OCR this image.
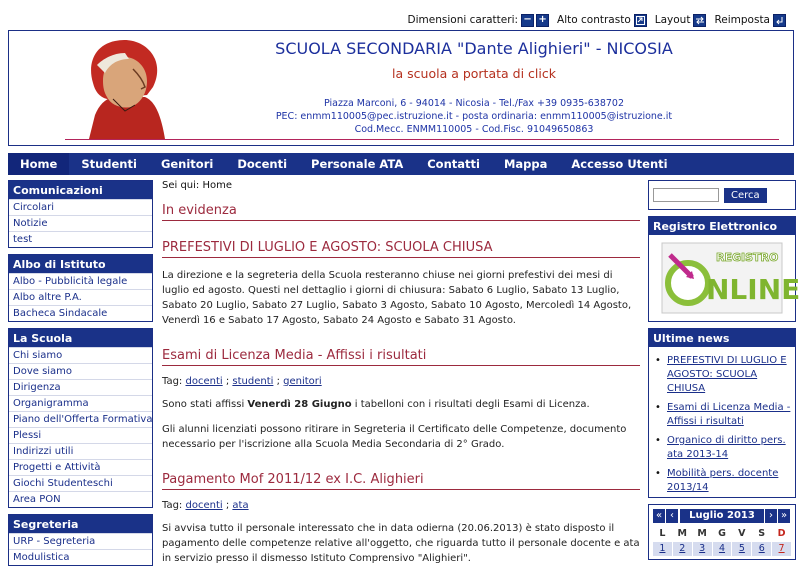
Dimensioni caratteri: − + Alto contrasto Layout Reimposta
SCUOLA SECONDARIA "Dante Alighieri" - NICOSIA
la scuola a portata di click
Piazza Marconi, 6 - 94014 - Nicosia - Tel./Fax +39 0935-638702
PEC: enmm110005@pec.istruzione.it - posta ordinaria: enmm110005@istruzione.it
Cod.Mecc. ENMM110005 - Cod.Fisc. 91049650863
Home	Studenti	Genitori	Docenti	Personale ATA	Contatti	Mappa	Accesso Utenti
Comunicazioni
Circolari
Notizie
test
Albo di Istituto
Albo - Pubblicità legale
Albo altre P.A.
Bacheca Sindacale
La Scuola
Chi siamo
Dove siamo
Dirigenza
Organigramma
Piano dell'Offerta Formativa
Plessi
Indirizzi utili
Progetti e Attività
Giochi Studenteschi
Area PON
Segreteria
URP - Segreteria
Modulistica
Sei qui: Home
In evidenza
PREFESTIVI DI LUGLIO E AGOSTO: SCUOLA CHIUSA
La direzione e la segreteria della Scuola resteranno chiuse nei giorni prefestivi dei mesi di luglio ed agosto. Questi nel dettaglio i giorni di chiusura: Sabato 6 Luglio, Sabato 13 Luglio, Sabato 20 Luglio, Sabato 27 Luglio, Sabato 3 Agosto, Sabato 10 Agosto, Mercoledì 14 Agosto, Venerdì 16 e Sabato 17 Agosto, Sabato 24 Agosto e Sabato 31 Agosto.
Esami di Licenza Media - Affissi i risultati
Tag: docenti ; studenti ; genitori
Sono stati affissi Venerdì 28 Giugno i tabelloni con i risultati degli Esami di Licenza.
Gli alunni licenziati possono ritirare in Segreteria il Certificato delle Competenze, documento necessario per l'iscrizione alla Scuola Media Secondaria di 2° Grado.
Pagamento Mof 2011/12 ex I.C. Alighieri
Tag: docenti ; ata
Si avvisa tutto il personale interessato che in data odierna (20.06.2013) è stato disposto il pagamento delle competenze relative all'oggetto, che riguarda tutto il personale docente e ata in servizio presso il dismesso Istituto Comprensivo "Alighieri".
Cerca
Registro Elettronico
REGISTRO
NLINE
Ultime news
• PREFESTIVI DI LUGLIO E AGOSTO: SCUOLA CHIUSA
• Esami di Licenza Media - Affissi i risultati
• Organico di diritto pers. ata 2013-14
• Mobilità pers. docente 2013/14
« ‹	Luglio 2013	› »
L	M	M	G	V	S	D
1	2	3	4	5	6	7
